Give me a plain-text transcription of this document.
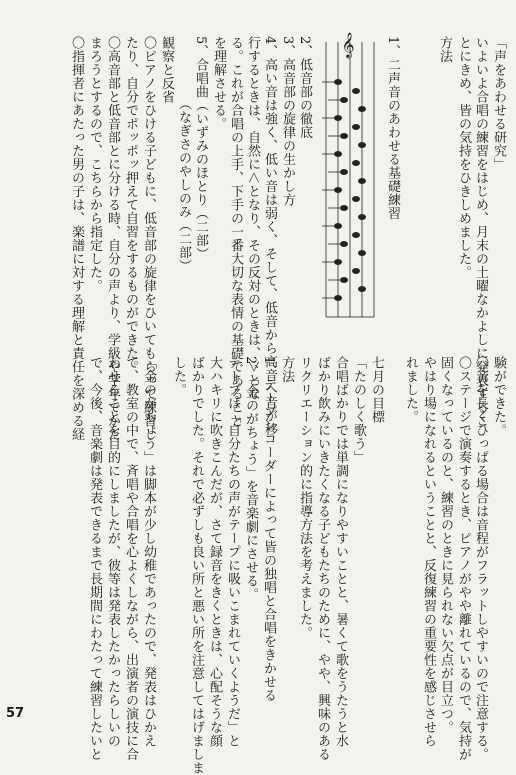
「声をあわせる研究」

いよいよ合唱の練習をはじめ、月末の土曜なかよしに発表するこ

とにきめ、皆の気持をひきしめました。

方法

1、二声音のあわせる基礎練習

2、低音部の徹底

3、高音部の旋律の生かし方

4、高い音は強く、低い音は弱く、そして、低音から高音へ音が移

行するときは、自然に＜となり、その反対のときは、＞とな

る。これが合唱の上手、下手の一番大切な表情の基礎であること

を理解させる。

5、合唱曲（いずみのほとり（二部）

　　　　　（なぎさのやしのみ（二部）

観察と反省

〇ピアノをひける子どもに、低音部の旋律をひいてもらって練習し

たり、自分でポッポッ押えて自習をするものができた。

〇高音部と低音部とに分ける時、自分の声より、学級や学年でかた

まろうとするので、こちらから指定した。

〇指揮者にあたった男の子は、楽譜に対する理解と責任を深める経	𝄞

験ができた。

〇音を長くひっぱる場合は音程がフラットしやすいので注意する。

〇ステージで演奏するとき、ピアノがやや離れているので、気持が

固くなっているのと、練習のときに見られない欠点が目立つ。

やはり場になれるということと、反復練習の重要性を感じさせら

れました。

七月の目標

「たのしく歌う」

合唱ばかりでは単調になりやすいことと、暑くて歌をうたうと水

ばかり飲みにいきたくなる子どもたちのために、やや、興味のある

リクリエーション的に指導方法を考えました。

方法

1、テープレコーダーによって皆の独唱と合唱をきかせる

2、「金のがちょう」を音楽劇にさせる。

テープは「自分たちの声がテープに吸いこまれていくようだ」と

大ハキリに吹きこんだが、さて録音をきくときは、心配そうな顔

ばかりでした。それで必ずしも良い所と悪い所を注意してはげましま

した。

「金のがちょう」は脚本が少し幼稚であったので、発表はひかえ

て、教室の中で、斉唱や合唱を心よくしながら、出演者の演技に合

わせることを目的にしましたが、彼等は発表したかったらしいの

で、今後、音楽劇は発表できるまで長期間にわたって練習したいと

57
